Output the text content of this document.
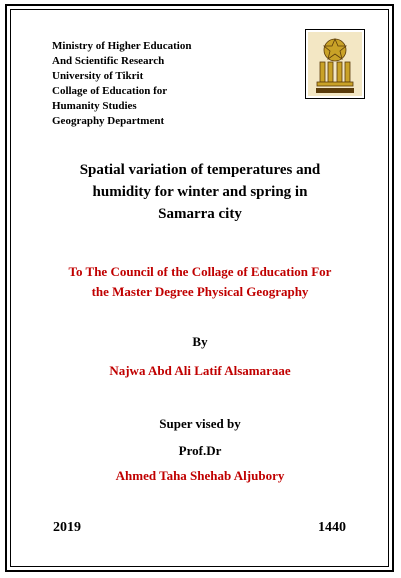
Ministry of Higher Education
And Scientific Research
University of Tikrit
Collage of Education for
Humanity Studies
Geography Department
Spatial variation of temperatures and
humidity for winter and spring in
Samarra city
To The Council of the Collage of Education For
the Master Degree Physical Geography
By
Najwa Abd Ali Latif Alsamaraae
Super vised by
Prof.Dr
Ahmed Taha Shehab Aljubory
2019	1440
